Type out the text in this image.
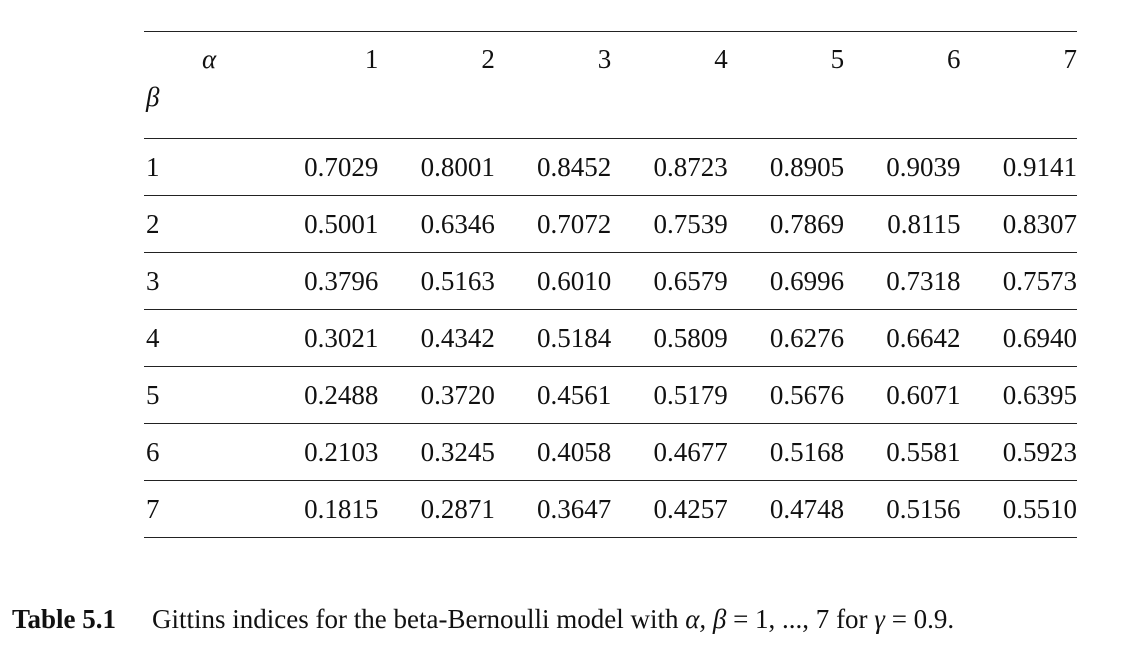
α
β	1	2	3	4	5	6	7
1	0.7029	0.8001	0.8452	0.8723	0.8905	0.9039	0.9141
2	0.5001	0.6346	0.7072	0.7539	0.7869	0.8115	0.8307
3	0.3796	0.5163	0.6010	0.6579	0.6996	0.7318	0.7573
4	0.3021	0.4342	0.5184	0.5809	0.6276	0.6642	0.6940
5	0.2488	0.3720	0.4561	0.5179	0.5676	0.6071	0.6395
6	0.2103	0.3245	0.4058	0.4677	0.5168	0.5581	0.5923
7	0.1815	0.2871	0.3647	0.4257	0.4748	0.5156	0.5510
Table 5.1 Gittins indices for the beta-Bernoulli model with α, β = 1, ..., 7 for γ = 0.9.
